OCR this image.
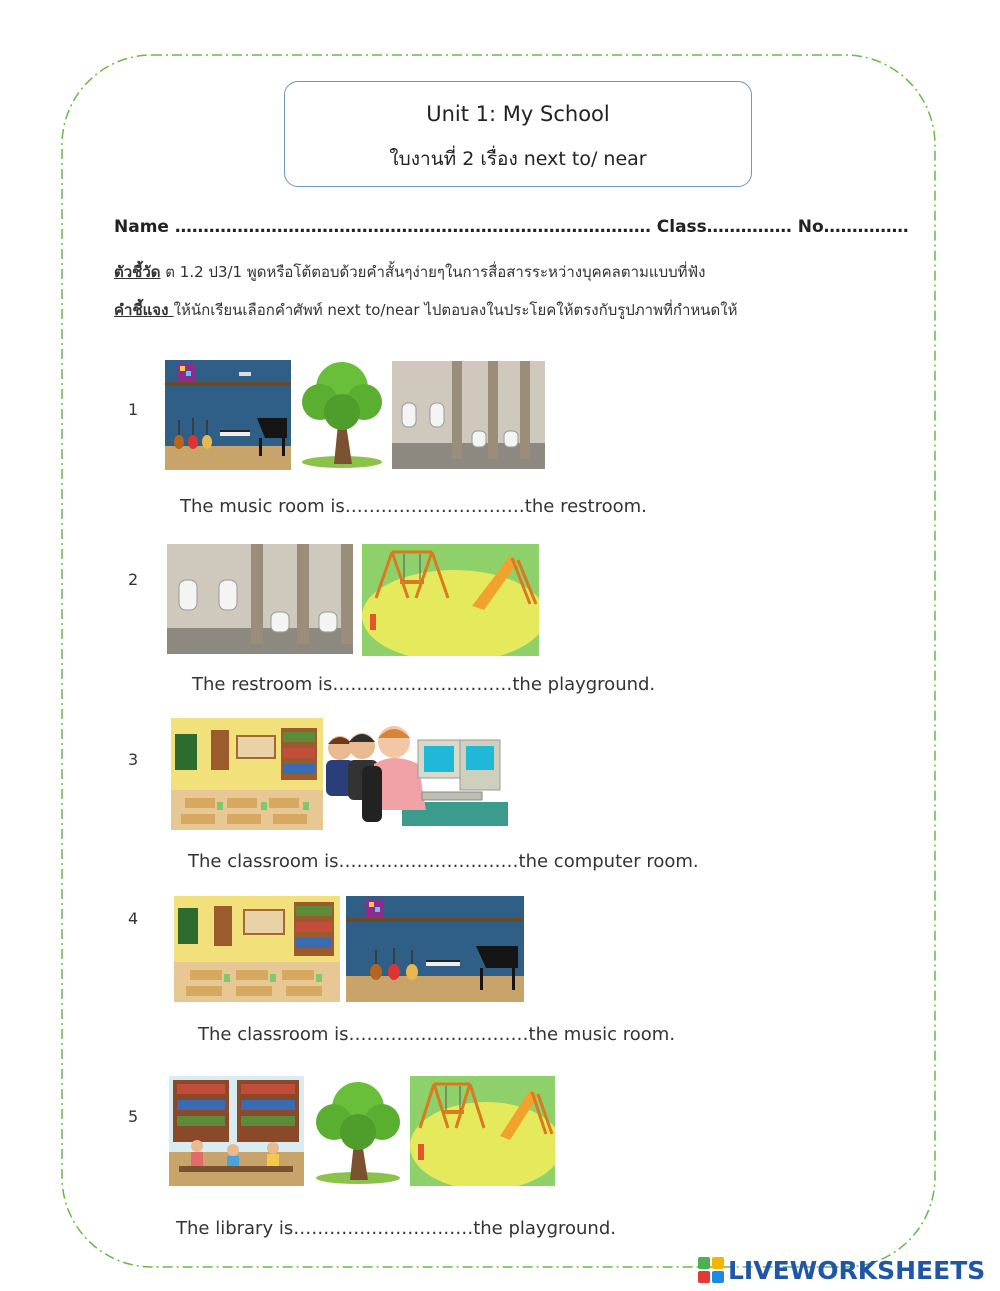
Unit 1: My School
ใบงานที่ 2 เรื่อง next to/ near
Name ………………………………………………………………………… Class…………… No……………
ตัวชี้วัด ต 1.2 ป3/1 พูดหรือโต้ตอบด้วยคำสั้นๆง่ายๆในการสื่อสารระหว่างบุคคลตามแบบที่ฟัง
คำชี้แจง ให้นักเรียนเลือกคำศัพท์ next to/near ไปตอบลงในประโยคให้ตรงกับรูปภาพที่กำหนดให้
1
2
3
4
5
The music room is…………………………the restroom.
The restroom is…………………………the playground.
The classroom is…………………………the computer room.
The classroom is…………………………the music room.
The library is…………………………the playground.
LIVEWORKSHEETS
